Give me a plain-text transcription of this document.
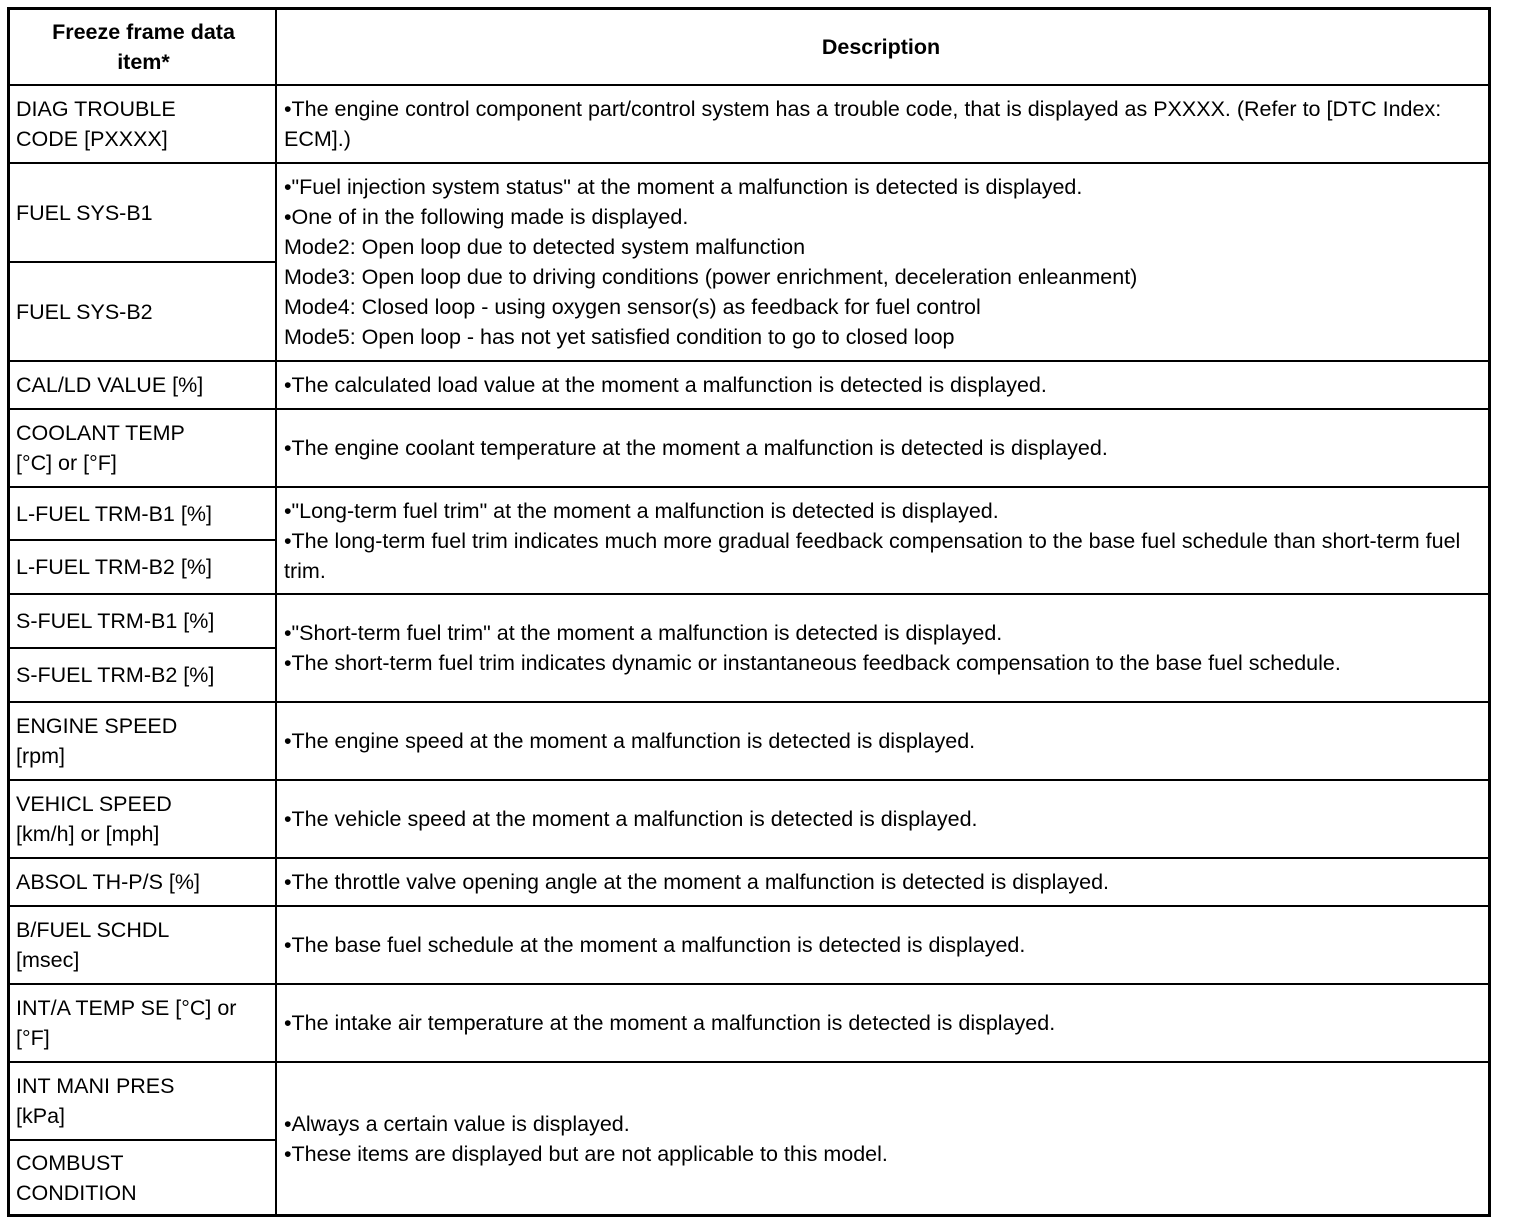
Freeze frame data item*
Description
DIAG TROUBLE CODE [PXXXX]
•The engine control component part/control system has a trouble code, that is displayed as PXXXX. (Refer to [DTC Index: ECM].)
FUEL SYS-B1
FUEL SYS-B2
•"Fuel injection system status" at the moment a malfunction is detected is displayed.
•One of in the following made is displayed.
Mode2: Open loop due to detected system malfunction
Mode3: Open loop due to driving conditions (power enrichment, deceleration enleanment)
Mode4: Closed loop - using oxygen sensor(s) as feedback for fuel control
Mode5: Open loop - has not yet satisfied condition to go to closed loop
CAL/LD VALUE [%]	•The calculated load value at the moment a malfunction is detected is displayed.
COOLANT TEMP [°C] or [°F]
•The engine coolant temperature at the moment a malfunction is detected is displayed.
L-FUEL TRM-B1 [%]
L-FUEL TRM-B2 [%]
•"Long-term fuel trim" at the moment a malfunction is detected is displayed.
•The long-term fuel trim indicates much more gradual feedback compensation to the base fuel schedule than short-term fuel trim.
S-FUEL TRM-B1 [%]
S-FUEL TRM-B2 [%]
•"Short-term fuel trim" at the moment a malfunction is detected is displayed.
•The short-term fuel trim indicates dynamic or instantaneous feedback compensation to the base fuel schedule.
ENGINE SPEED [rpm]
•The engine speed at the moment a malfunction is detected is displayed.
VEHICL SPEED [km/h] or [mph]
•The vehicle speed at the moment a malfunction is detected is displayed.
ABSOL TH-P/S [%]	•The throttle valve opening angle at the moment a malfunction is detected is displayed.
B/FUEL SCHDL [msec]
•The base fuel schedule at the moment a malfunction is detected is displayed.
INT/A TEMP SE [°C] or [°F]
•The intake air temperature at the moment a malfunction is detected is displayed.
INT MANI PRES [kPa]
COMBUST CONDITION
•Always a certain value is displayed.
•These items are displayed but are not applicable to this model.
